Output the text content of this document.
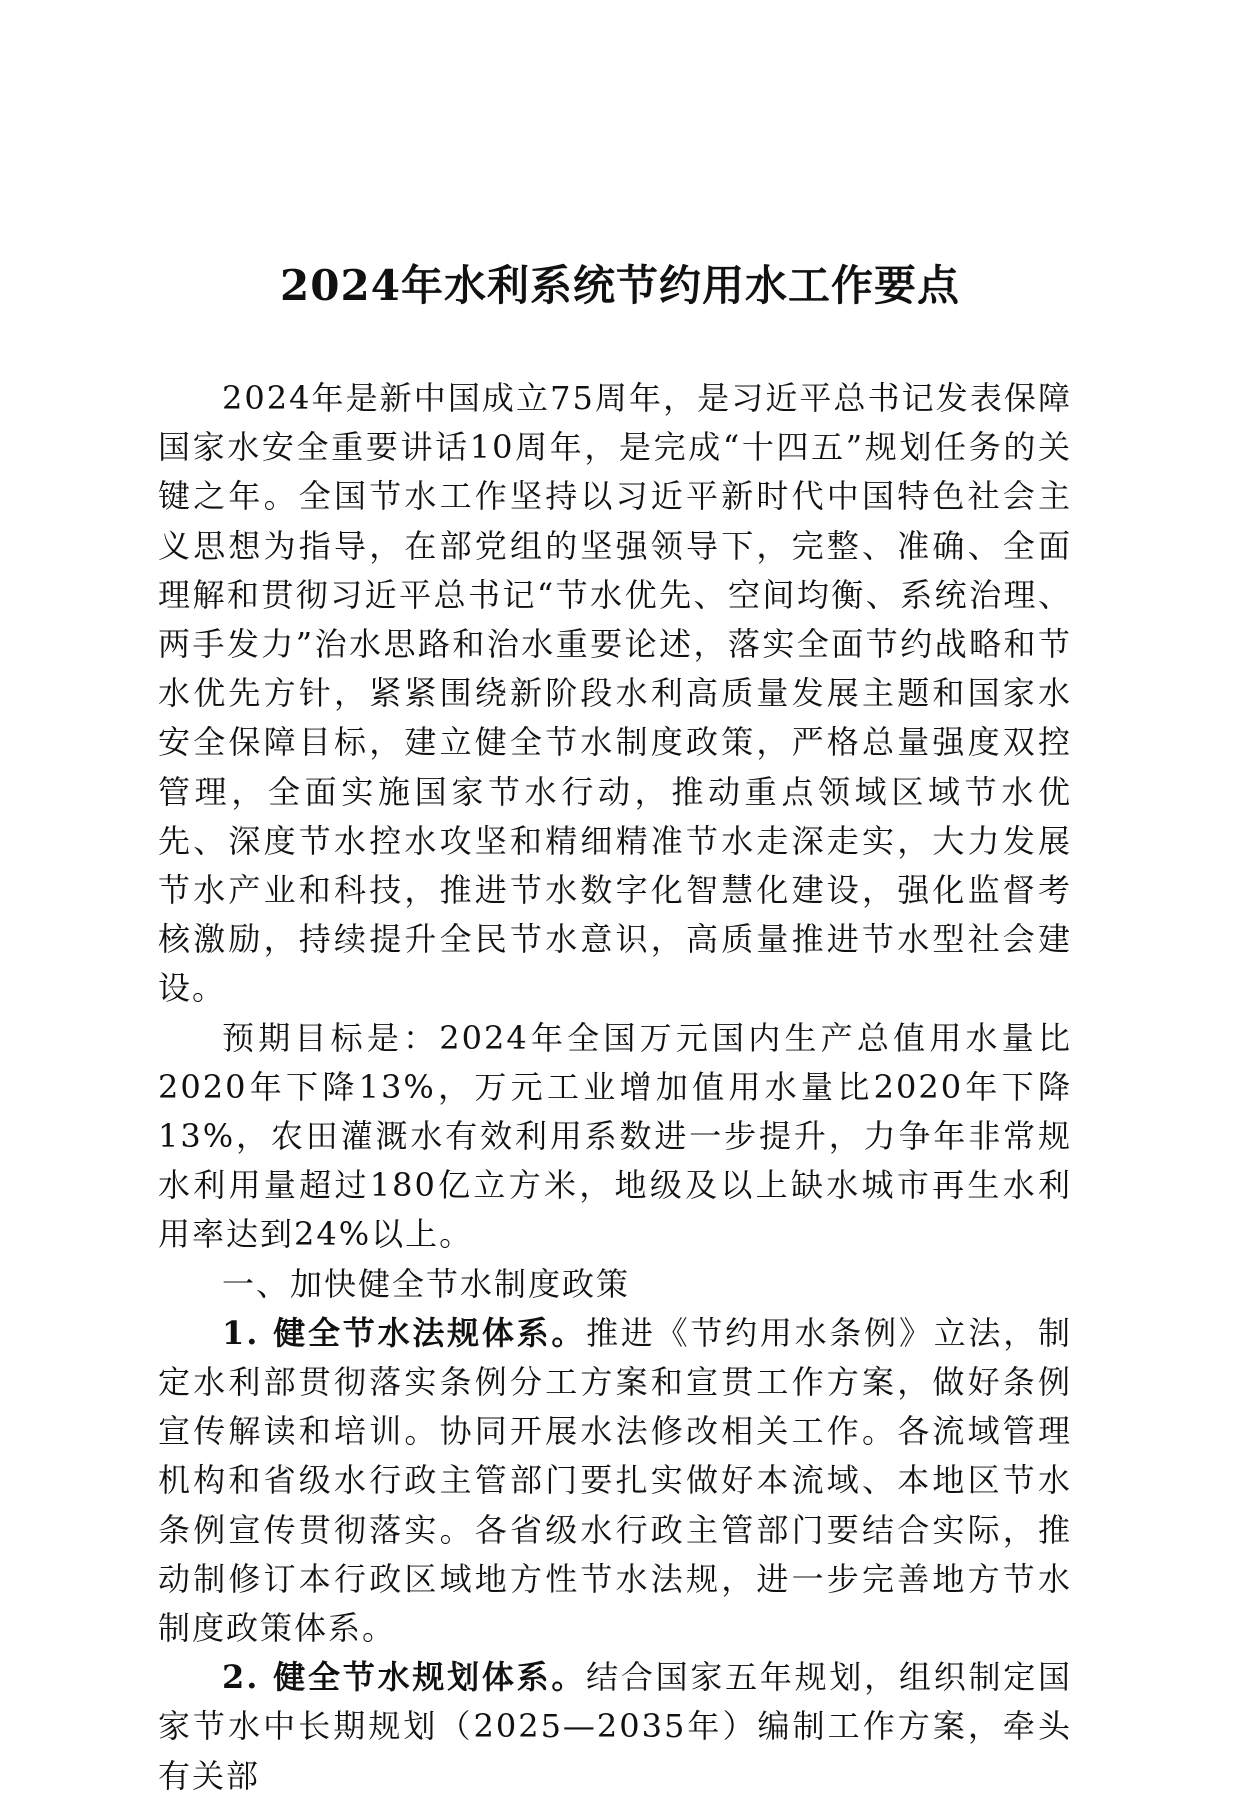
2024年水利系统节约用水工作要点

2024年是新中国成立75周年，是习近平总书记发表保障国家水安全重要讲话10周年，是完成“十四五”规划任务的关键之年。全国节水工作坚持以习近平新时代中国特色社会主义思想为指导，在部党组的坚强领导下，完整、准确、全面理解和贯彻习近平总书记“节水优先、空间均衡、系统治理、两手发力”治水思路和治水重要论述，落实全面节约战略和节水优先方针，紧紧围绕新阶段水利高质量发展主题和国家水安全保障目标，建立健全节水制度政策，严格总量强度双控管理，全面实施国家节水行动，推动重点领域区域节水优先、深度节水控水攻坚和精细精准节水走深走实，大力发展节水产业和科技，推进节水数字化智慧化建设，强化监督考核激励，持续提升全民节水意识，高质量推进节水型社会建设。

预期目标是：2024年全国万元国内生产总值用水量比2020年下降13%，万元工业增加值用水量比2020年下降13%，农田灌溉水有效利用系数进一步提升，力争年非常规水利用量超过180亿立方米，地级及以上缺水城市再生水利用率达到24%以上。

一、加快健全节水制度政策

1. 健全节水法规体系。推进《节约用水条例》立法，制定水利部贯彻落实条例分工方案和宣贯工作方案，做好条例宣传解读和培训。协同开展水法修改相关工作。各流域管理机构和省级水行政主管部门要扎实做好本流域、本地区节水条例宣传贯彻落实。各省级水行政主管部门要结合实际，推动制修订本行政区域地方性节水法规，进一步完善地方节水制度政策体系。

2. 健全节水规划体系。结合国家五年规划，组织制定国家节水中长期规划（2025—2035年）编制工作方案，牵头有关部
